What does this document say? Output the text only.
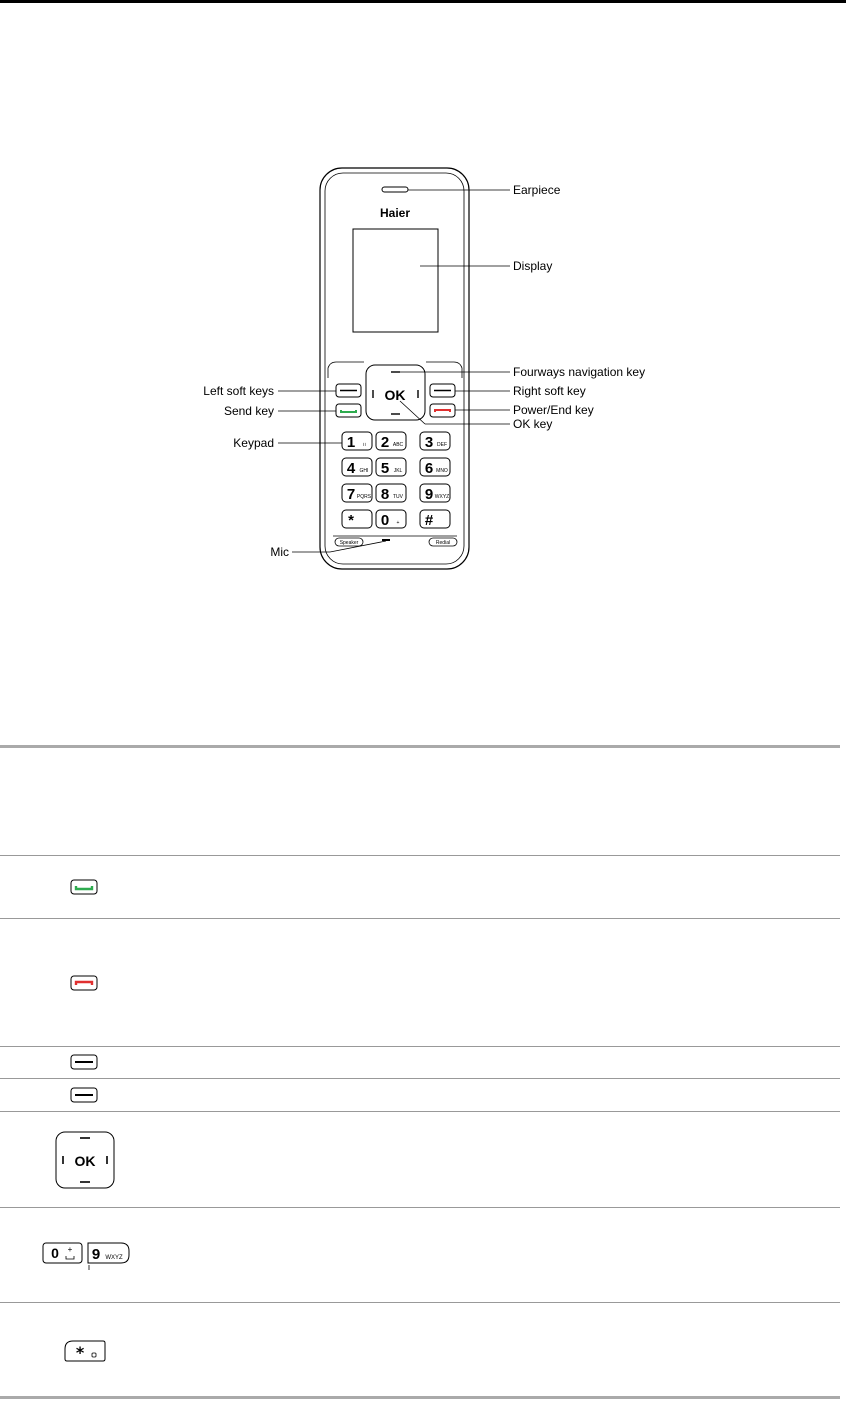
Haier
OK
1 ।। 2 ABC 3 DEF
4 GHI 5 JKL 6 MNO
7 PQRS 8 TUV 9 WXYZ
* 0 + #
Speaker	Redial
Earpiece
Display
Fourways navigation key
Right soft key
Power/End key
OK key
Left soft keys
Send key
Keypad
Mic
OK
0 + 9 WXYZ
*
